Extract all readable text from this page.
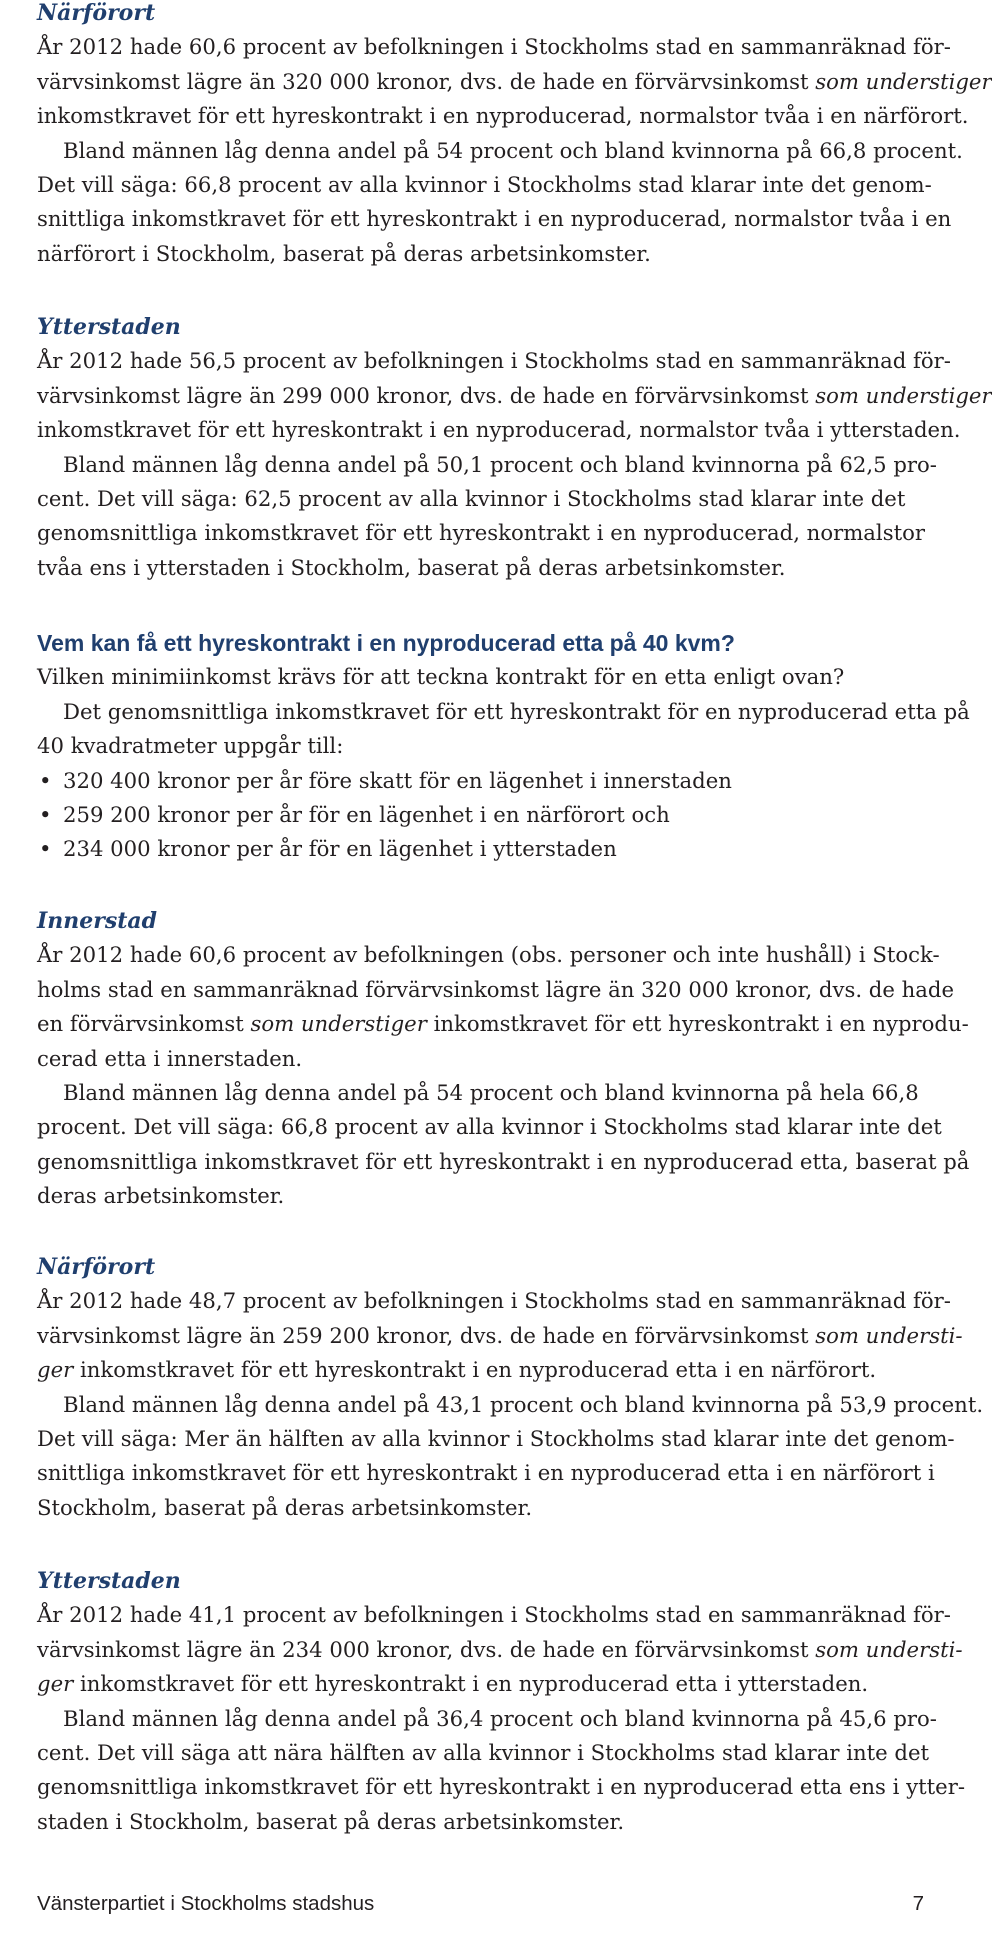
Närförort

År 2012 hade 60,6 procent av befolkningen i Stockholms stad en sammanräknad för-
värvsinkomst lägre än 320 000 kronor, dvs. de hade en förvärvsinkomst som understiger
inkomstkravet för ett hyreskontrakt i en nyproducerad, normalstor tvåa i en närförort.

Bland männen låg denna andel på 54 procent och bland kvinnorna på 66,8 procent.
Det vill säga: 66,8 procent av alla kvinnor i Stockholms stad klarar inte det genom-
snittliga inkomstkravet för ett hyreskontrakt i en nyproducerad, normalstor tvåa i en
närförort i Stockholm, baserat på deras arbetsinkomster.

Ytterstaden

År 2012 hade 56,5 procent av befolkningen i Stockholms stad en sammanräknad för-
värvsinkomst lägre än 299 000 kronor, dvs. de hade en förvärvsinkomst som understiger
inkomstkravet för ett hyreskontrakt i en nyproducerad, normalstor tvåa i ytterstaden.

Bland männen låg denna andel på 50,1 procent och bland kvinnorna på 62,5 pro-
cent. Det vill säga: 62,5 procent av alla kvinnor i Stockholms stad klarar inte det
genomsnittliga inkomstkravet för ett hyreskontrakt i en nyproducerad, normalstor
tvåa ens i ytterstaden i Stockholm, baserat på deras arbetsinkomster.

Vem kan få ett hyreskontrakt i en nyproducerad etta på 40 kvm?

Vilken minimiinkomst krävs för att teckna kontrakt för en etta enligt ovan?

Det genomsnittliga inkomstkravet för ett hyreskontrakt för en nyproducerad etta på
40 kvadratmeter uppgår till:

• 320 400 kronor per år före skatt för en lägenhet i innerstaden
• 259 200 kronor per år för en lägenhet i en närförort och
• 234 000 kronor per år för en lägenhet i ytterstaden
Innerstad

År 2012 hade 60,6 procent av befolkningen (obs. personer och inte hushåll) i Stock-
holms stad en sammanräknad förvärvsinkomst lägre än 320 000 kronor, dvs. de hade
en förvärvsinkomst som understiger inkomstkravet för ett hyreskontrakt i en nyprodu-
cerad etta i innerstaden.

Bland männen låg denna andel på 54 procent och bland kvinnorna på hela 66,8
procent. Det vill säga: 66,8 procent av alla kvinnor i Stockholms stad klarar inte det
genomsnittliga inkomstkravet för ett hyreskontrakt i en nyproducerad etta, baserat på
deras arbetsinkomster.

Närförort

År 2012 hade 48,7 procent av befolkningen i Stockholms stad en sammanräknad för-
värvsinkomst lägre än 259 200 kronor, dvs. de hade en förvärvsinkomst som understi-
ger inkomstkravet för ett hyreskontrakt i en nyproducerad etta i en närförort.

Bland männen låg denna andel på 43,1 procent och bland kvinnorna på 53,9 procent.
Det vill säga: Mer än hälften av alla kvinnor i Stockholms stad klarar inte det genom-
snittliga inkomstkravet för ett hyreskontrakt i en nyproducerad etta i en närförort i
Stockholm, baserat på deras arbetsinkomster.

Ytterstaden

År 2012 hade 41,1 procent av befolkningen i Stockholms stad en sammanräknad för-
värvsinkomst lägre än 234 000 kronor, dvs. de hade en förvärvsinkomst som understi-
ger inkomstkravet för ett hyreskontrakt i en nyproducerad etta i ytterstaden.

Bland männen låg denna andel på 36,4 procent och bland kvinnorna på 45,6 pro-
cent. Det vill säga att nära hälften av alla kvinnor i Stockholms stad klarar inte det
genomsnittliga inkomstkravet för ett hyreskontrakt i en nyproducerad etta ens i ytter-
staden i Stockholm, baserat på deras arbetsinkomster.

Vänsterpartiet i Stockholms stadshus	7
